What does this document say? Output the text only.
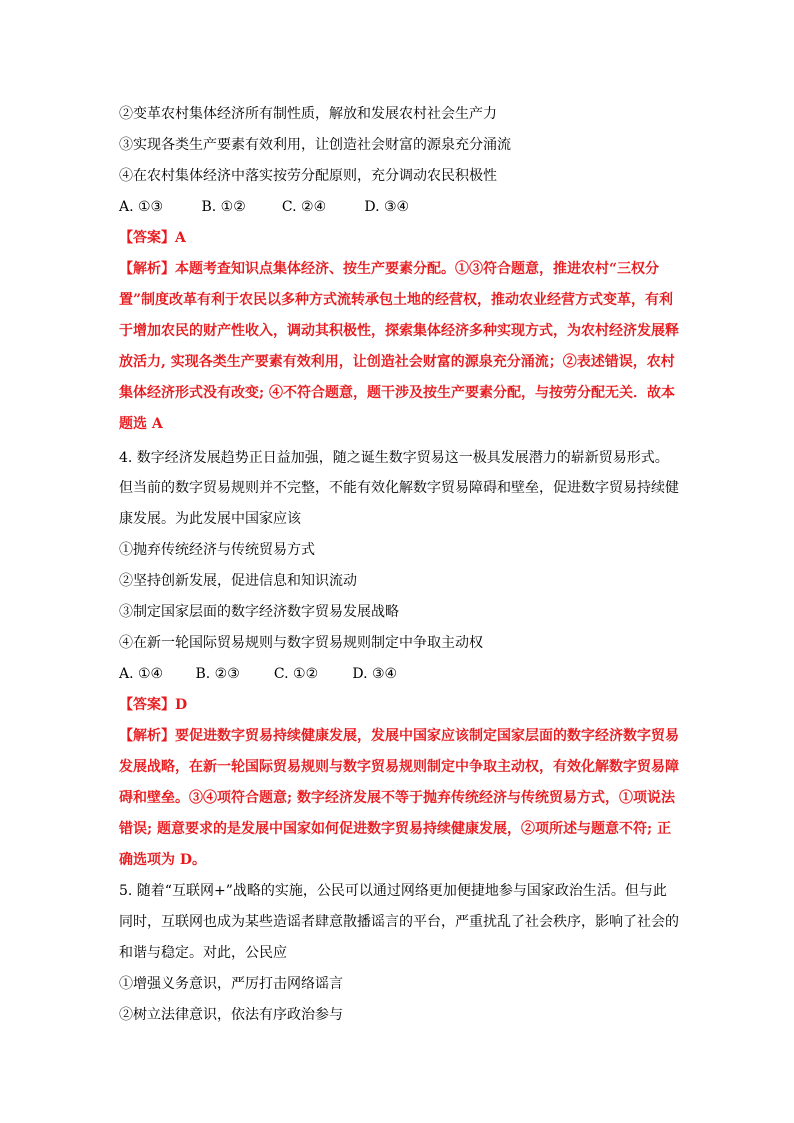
②变革农村集体经济所有制性质，解放和发展农村社会生产力
③实现各类生产要素有效利用，让创造社会财富的源泉充分涌流
④在农村集体经济中落实按劳分配原则，充分调动农民积极性
A. ①③	B. ①②	C. ②④	D. ③④
【答案】A
【解析】本题考查知识点集体经济、按生产要素分配。①③符合题意，推进农村“三权分
置”制度改革有利于农民以多种方式流转承包土地的经营权，推动农业经营方式变革，有利
于增加农民的财产性收入，调动其积极性，探索集体经济多种实现方式，为农村经济发展释
放活力, 实现各类生产要素有效利用，让创造社会财富的源泉充分涌流；②表述错误，农村
集体经济形式没有改变; ④不符合题意，题干涉及按生产要素分配，与按劳分配无关．故本
题选 A
4. 数字经济发展趋势正日益加强，随之诞生数字贸易这一极具发展潜力的崭新贸易形式。
但当前的数字贸易规则并不完整，不能有效化解数字贸易障碍和壁垒，促进数字贸易持续健
康发展。为此发展中国家应该
①抛弃传统经济与传统贸易方式
②坚持创新发展，促进信息和知识流动
③制定国家层面的数字经济数字贸易发展战略
④在新一轮国际贸易规则与数字贸易规则制定中争取主动权
A. ①④ B. ②③ C. ①② D. ③④
【答案】D
【解析】要促进数字贸易持续健康发展，发展中国家应该制定国家层面的数字经济数字贸易
发展战略，在新一轮国际贸易规则与数字贸易规则制定中争取主动权，有效化解数字贸易障
碍和壁垒。③④项符合题意; 数字经济发展不等于抛弃传统经济与传统贸易方式，①项说法
错误; 题意要求的是发展中国家如何促进数字贸易持续健康发展，②项所述与题意不符; 正
确选项为 D。
5. 随着“互联网+”战略的实施，公民可以通过网络更加便捷地参与国家政治生活。但与此
同时，互联网也成为某些造谣者肆意散播谣言的平台，严重扰乱了社会秩序，影响了社会的
和谐与稳定。对此，公民应
①增强义务意识，严厉打击网络谣言
②树立法律意识，依法有序政治参与
